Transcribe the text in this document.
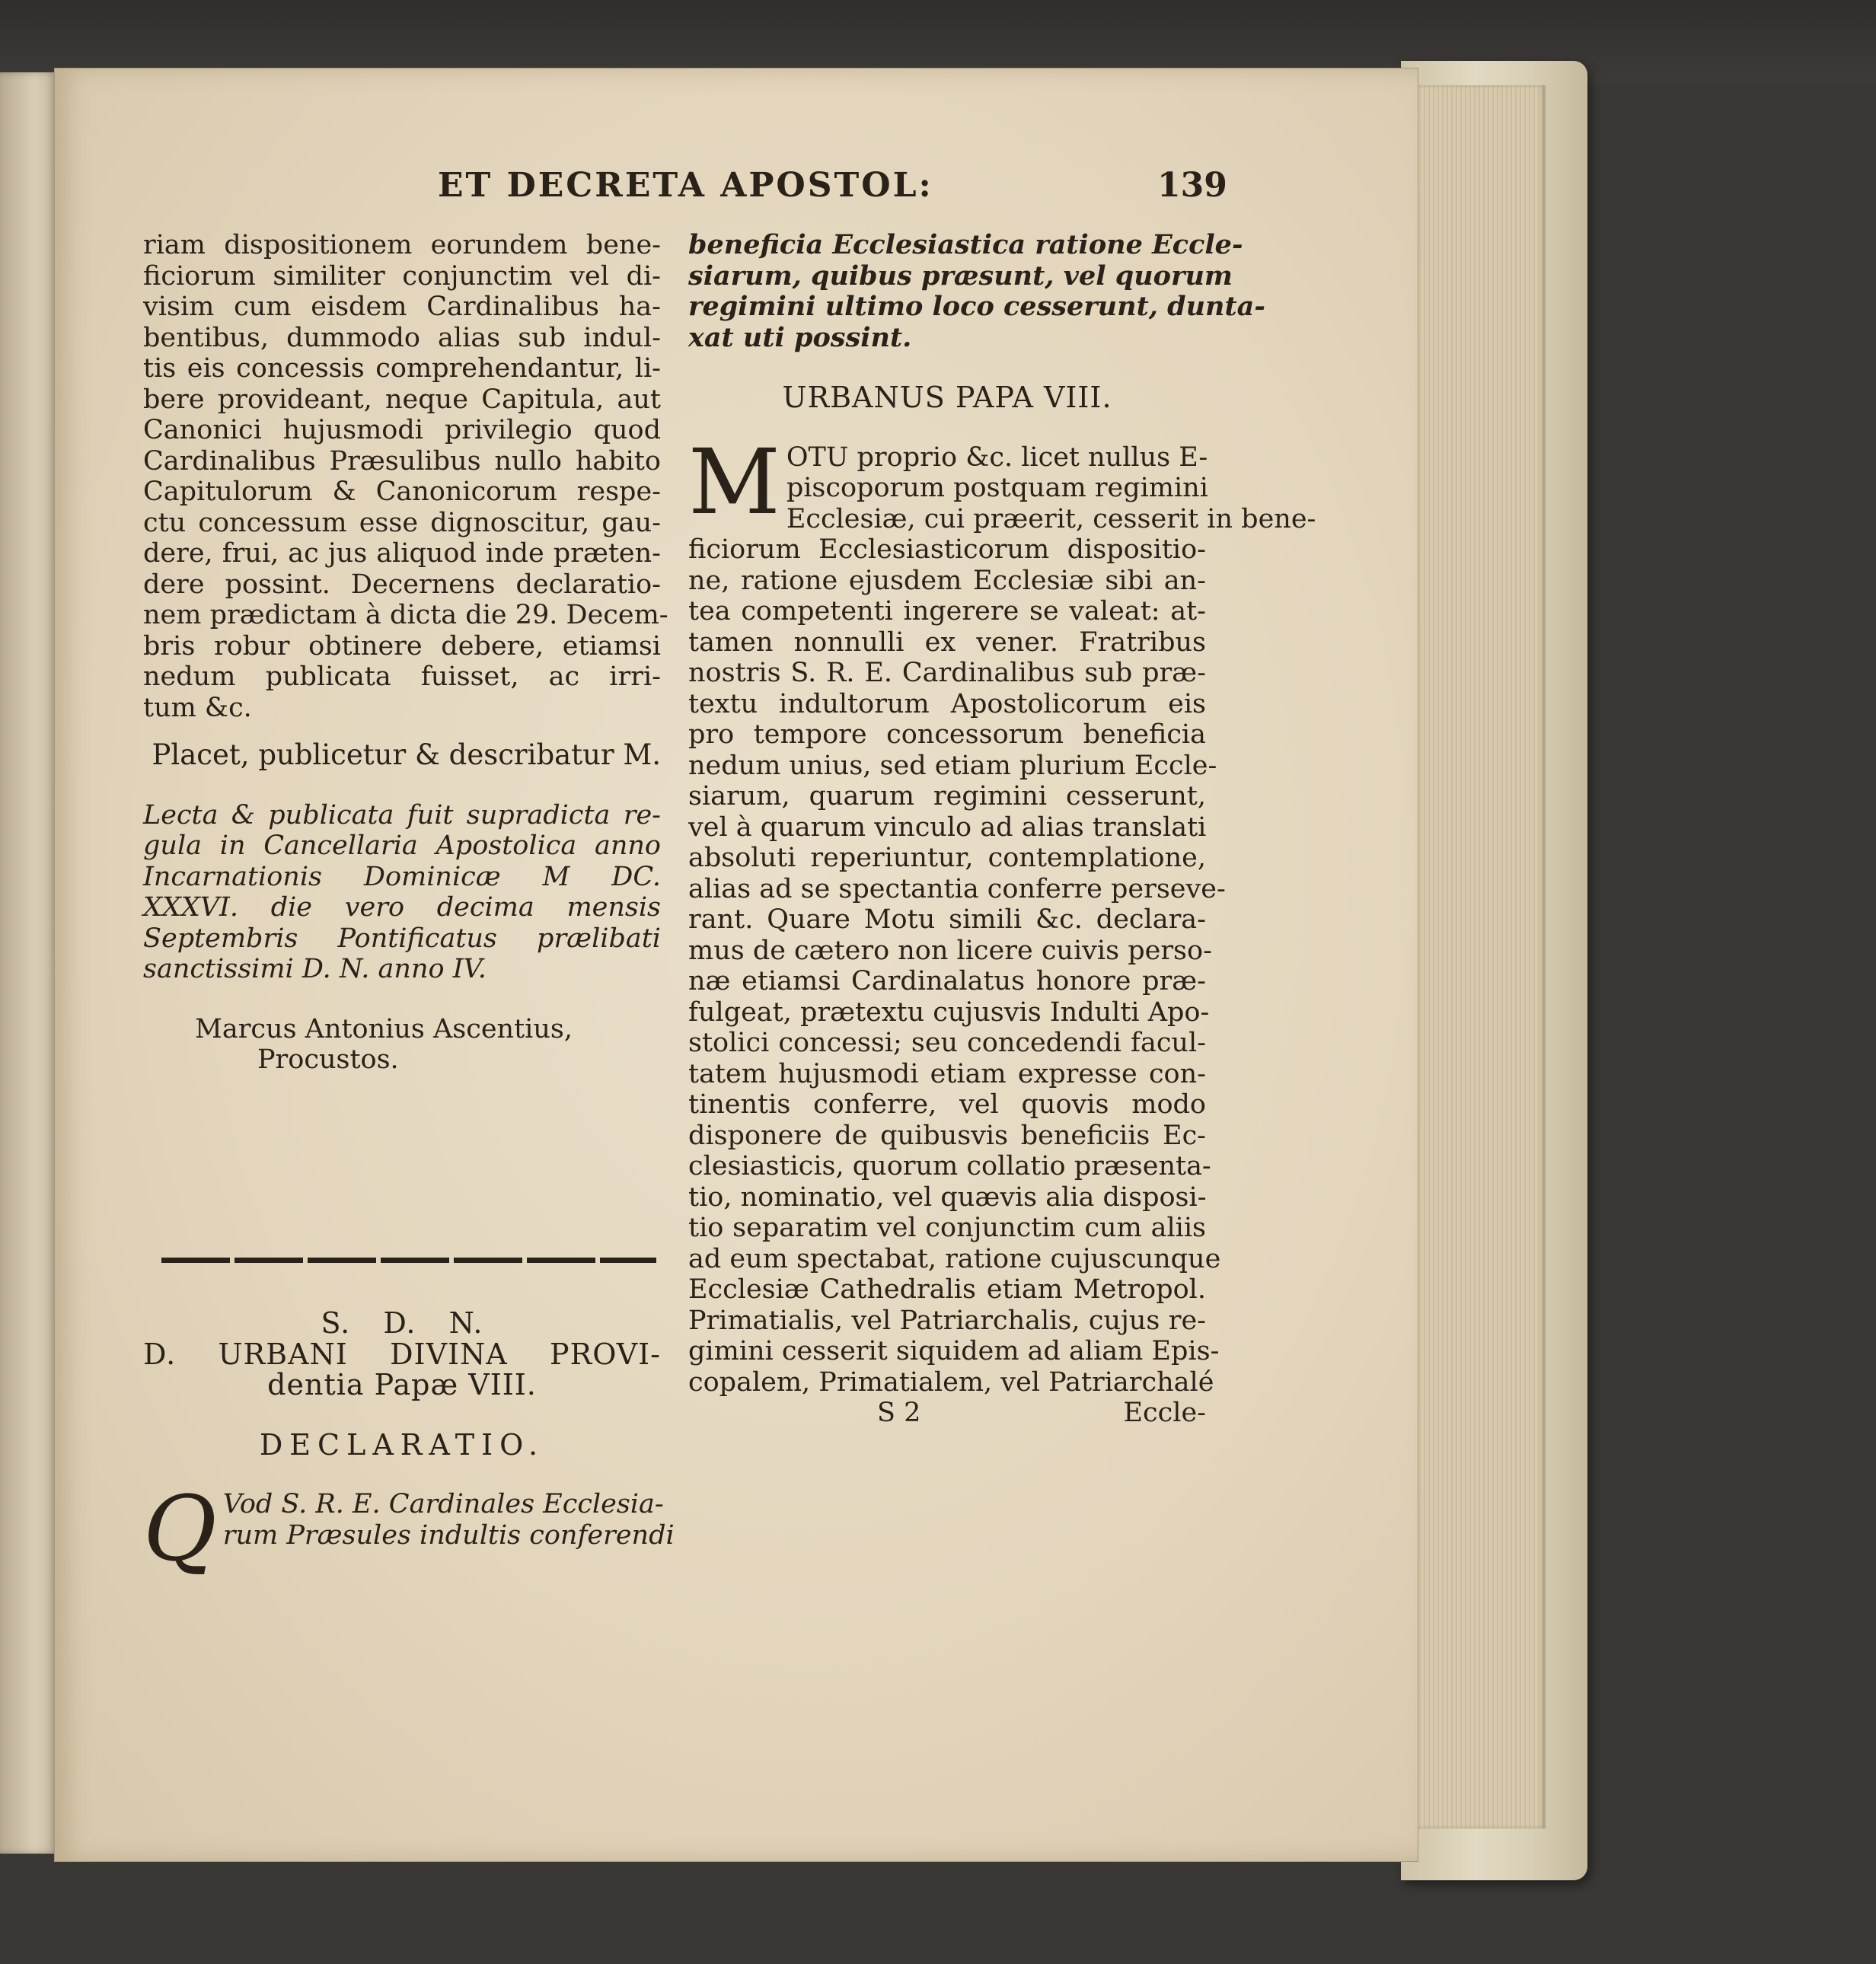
ET DECRETA APOSTOL:	139
riam dispositionem eorundem bene-
ficiorum similiter conjunctim vel di-
visim cum eisdem Cardinalibus ha-
bentibus, dummodo alias sub indul-
tis eis concessis comprehendantur, li-
bere provideant, neque Capitula, aut
Canonici hujusmodi privilegio quod
Cardinalibus Præsulibus nullo habito
Capitulorum & Canonicorum respe-
ctu concessum esse dignoscitur, gau-
dere, frui, ac jus aliquod inde præten-
dere possint. Decernens declaratio-
nem prædictam à dicta die 29. Decem-
bris robur obtinere debere, etiamsi
nedum publicata fuisset, ac irri-
tum &c.
Placet, publicetur & describatur M.
Lecta & publicata fuit supradicta re-
gula in Cancellaria Apostolica anno
Incarnationis Dominicæ M DC.
XXXVI. die vero decima mensis
Septembris Pontificatus prælibati
sanctissimi D. N. anno IV.
Marcus Antonius Ascentius,
Procustos.
S. D. N.
D. URBANI DIVINA PROVI-
dentia Papæ VIII.
DECLARATIO.
Q Vod S. R. E. Cardinales Ecclesia-
rum Præsules indultis conferendi
beneficia Ecclesiastica ratione Eccle-
siarum, quibus præsunt, vel quorum
regimini ultimo loco cesserunt, dunta-
xat uti possint.
URBANUS PAPA VIII.
M OTU proprio &c. licet nullus E-
piscoporum postquam regimini
Ecclesiæ, cui præerit, cesserit in bene-
ficiorum Ecclesiasticorum dispositio-
ne, ratione ejusdem Ecclesiæ sibi an-
tea competenti ingerere se valeat: at-
tamen nonnulli ex vener. Fratribus
nostris S. R. E. Cardinalibus sub præ-
textu indultorum Apostolicorum eis
pro tempore concessorum beneficia
nedum unius, sed etiam plurium Eccle-
siarum, quarum regimini cesserunt,
vel à quarum vinculo ad alias translati
absoluti reperiuntur, contemplatione,
alias ad se spectantia conferre perseve-
rant. Quare Motu simili &c. declara-
mus de cætero non licere cuivis perso-
næ etiamsi Cardinalatus honore præ-
fulgeat, prætextu cujusvis Indulti Apo-
stolici concessi; seu concedendi facul-
tatem hujusmodi etiam expresse con-
tinentis conferre, vel quovis modo
disponere de quibusvis beneficiis Ec-
clesiasticis, quorum collatio præsenta-
tio, nominatio, vel quævis alia disposi-
tio separatim vel conjunctim cum aliis
ad eum spectabat, ratione cujuscunque
Ecclesiæ Cathedralis etiam Metropol.
Primatialis, vel Patriarchalis, cujus re-
gimini cesserit siquidem ad aliam Epis-
copalem, Primatialem, vel Patriarchalé
S 2	Eccle-
